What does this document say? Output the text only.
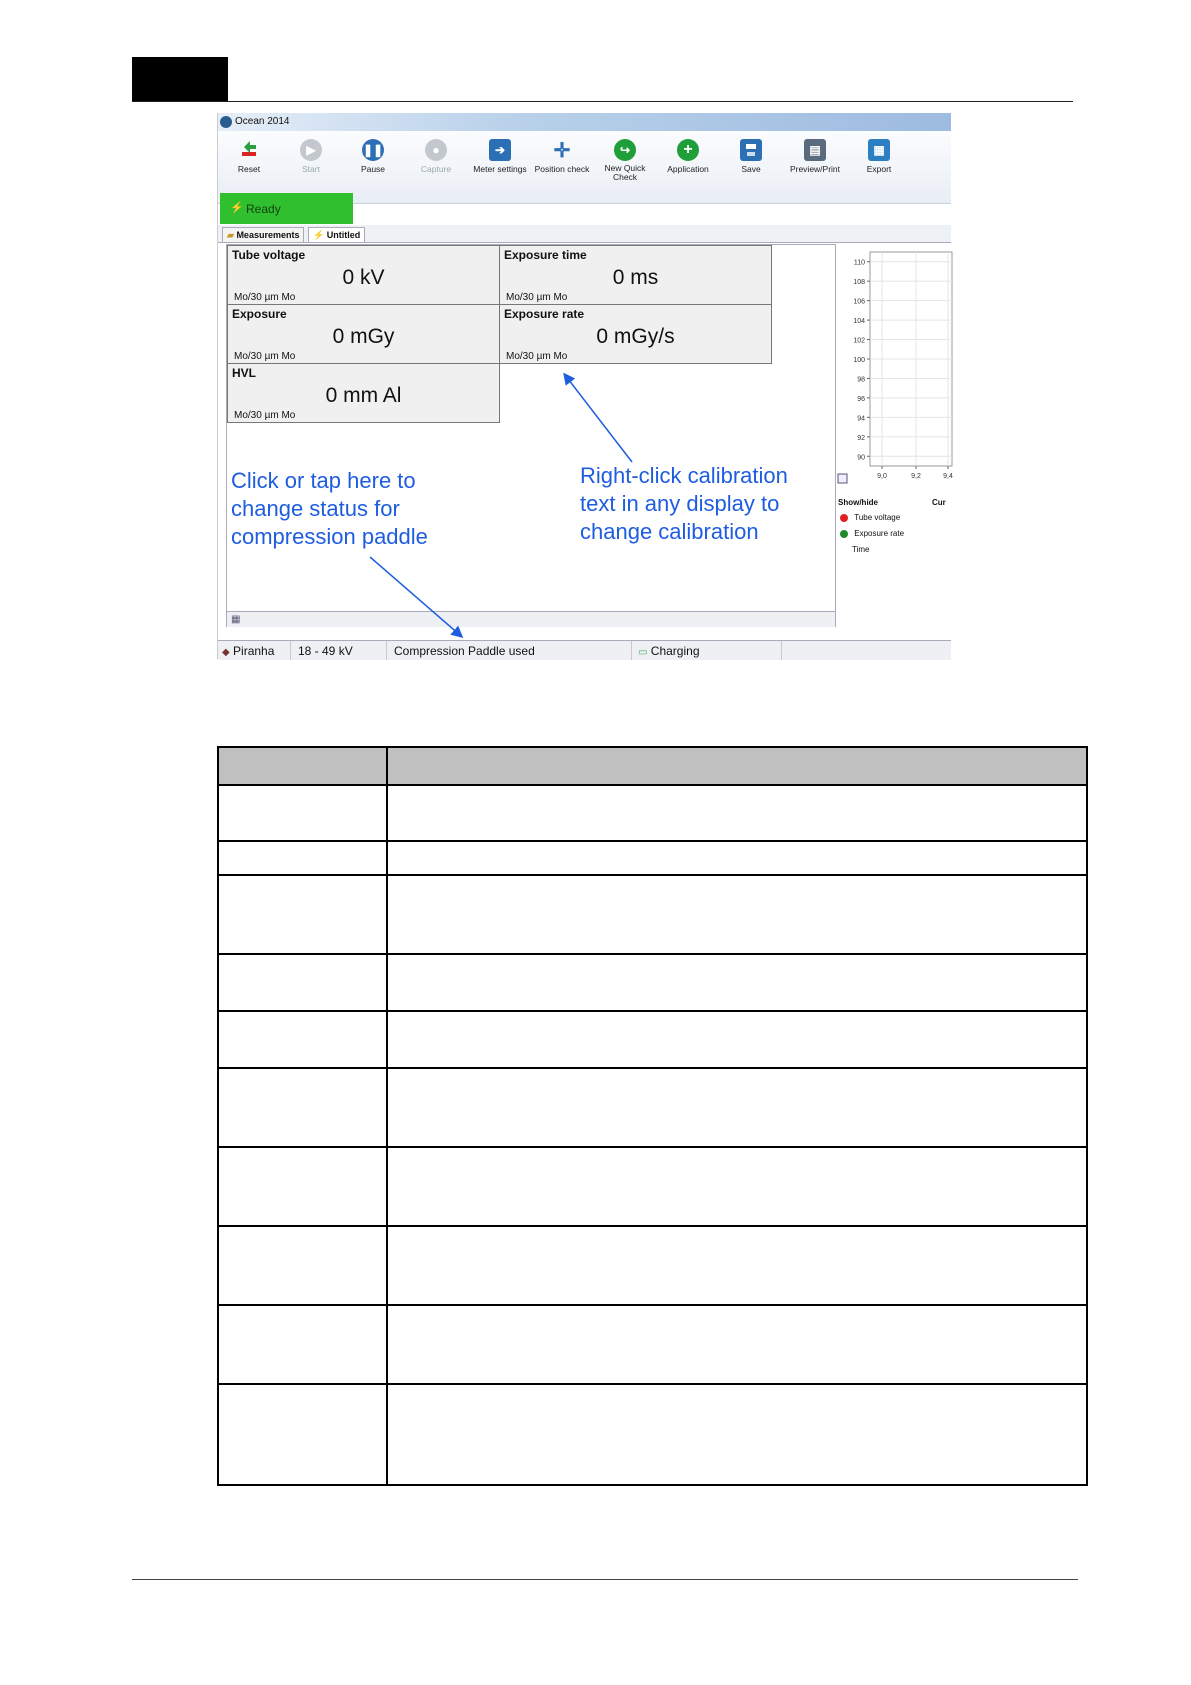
Ocean 2014
Reset
▶
Start
❚❚
Pause
●
Capture
➔
Meter settings
✛
Position check
↪
New Quick Check
+
Application	Save
▤
Preview/Print
▦
Export
⚡ Ready
▰ Measurements	⚡ Untitled
Tube voltage
0 kV
Mo/30 µm Mo
Exposure time
0 ms
Mo/30 µm Mo
Exposure
0 mGy
Mo/30 µm Mo
Exposure rate
0 mGy/s
Mo/30 µm Mo
HVL
0 mm Al
Mo/30 µm Mo
▦
110
108
106
104
102
100
98
96
94
92
90
9,0	9,2	9,4
Show/hide	Cur
Tube voltage
Exposure rate
Time
◆ Piranha 18 - 49 kV	Compression Paddle used	▭ Charging
Click or tap here to
change status for
compression paddle
Right-click calibration
text in any display to
change calibration
